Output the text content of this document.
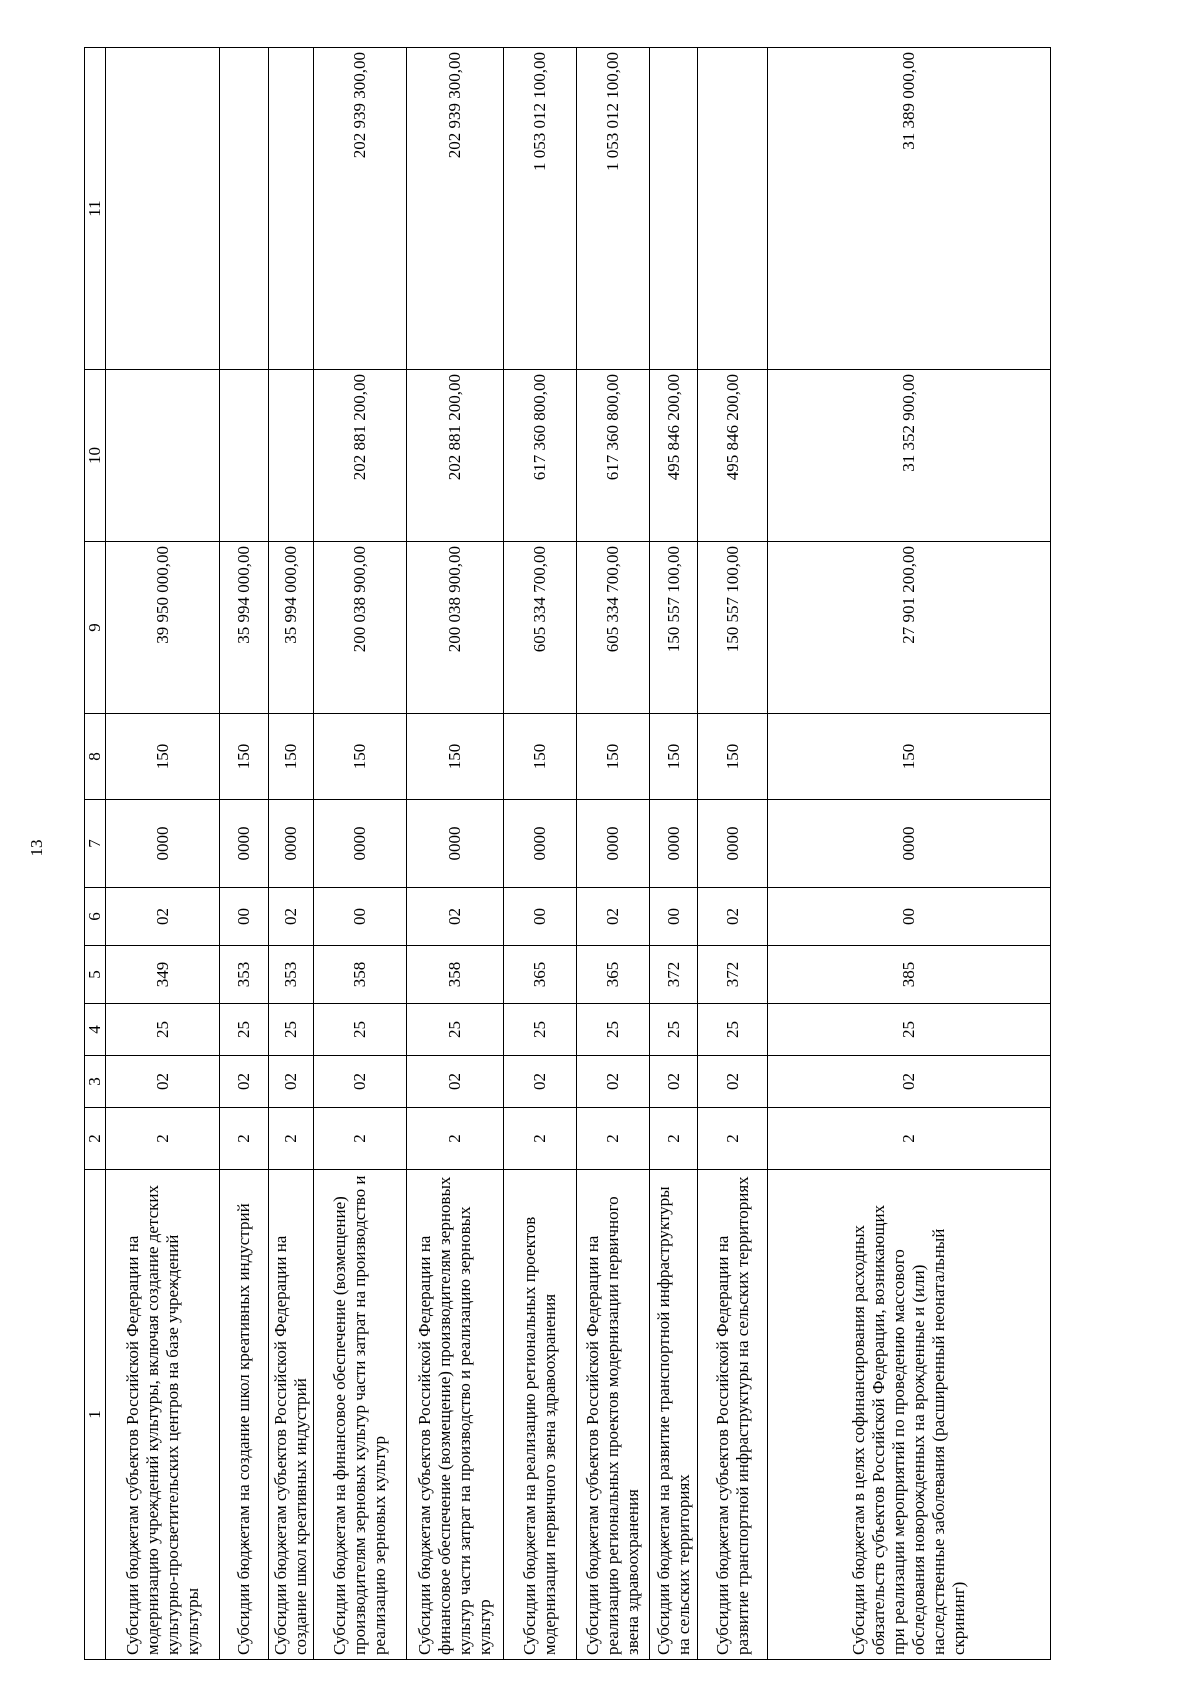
13
1	2	3	4	5	6	7	8	9	10	11
Субсидии бюджетам субъектов Российской Федерации на модернизацию учреждений культуры, включая создание детских культурно-просветительских центров на базе учреждений культуры	2	02	25	349	02	0000	150	39 950 000,00		
Субсидии бюджетам на создание школ креативных индустрий	2	02	25	353	00	0000	150	35 994 000,00		
Субсидии бюджетам субъектов Российской Федерации на создание школ креативных индустрий	2	02	25	353	02	0000	150	35 994 000,00		
Субсидии бюджетам на финансовое обеспечение (возмещение) производителям зерновых культур части затрат на производство и реализацию зерновых культур	2	02	25	358	00	0000	150	200 038 900,00	202 881 200,00	202 939 300,00
Субсидии бюджетам субъектов Российской Федерации на финансовое обеспечение (возмещение) производителям зерновых культур части затрат на производство и реализацию зерновых культур	2	02	25	358	02	0000	150	200 038 900,00	202 881 200,00	202 939 300,00
Субсидии бюджетам на реализацию региональных проектов модернизации первичного звена здравоохранения	2	02	25	365	00	0000	150	605 334 700,00	617 360 800,00	1 053 012 100,00
Субсидии бюджетам субъектов Российской Федерации на реализацию региональных проектов модернизации первичного звена здравоохранения	2	02	25	365	02	0000	150	605 334 700,00	617 360 800,00	1 053 012 100,00
Субсидии бюджетам на развитие транспортной инфраструктуры на сельских территориях	2	02	25	372	00	0000	150	150 557 100,00	495 846 200,00	
Субсидии бюджетам субъектов Российской Федерации на развитие транспортной инфраструктуры на сельских территориях	2	02	25	372	02	0000	150	150 557 100,00	495 846 200,00	
Субсидии бюджетам в целях софинансирования расходных обязательств субъектов Российской Федерации, возникающих при реализации мероприятий по проведению массового обследования новорожденных на врожденные и (или) наследственные заболевания (расширенный неонатальный скрининг)	2	02	25	385	00	0000	150	27 901 200,00	31 352 900,00	31 389 000,00
